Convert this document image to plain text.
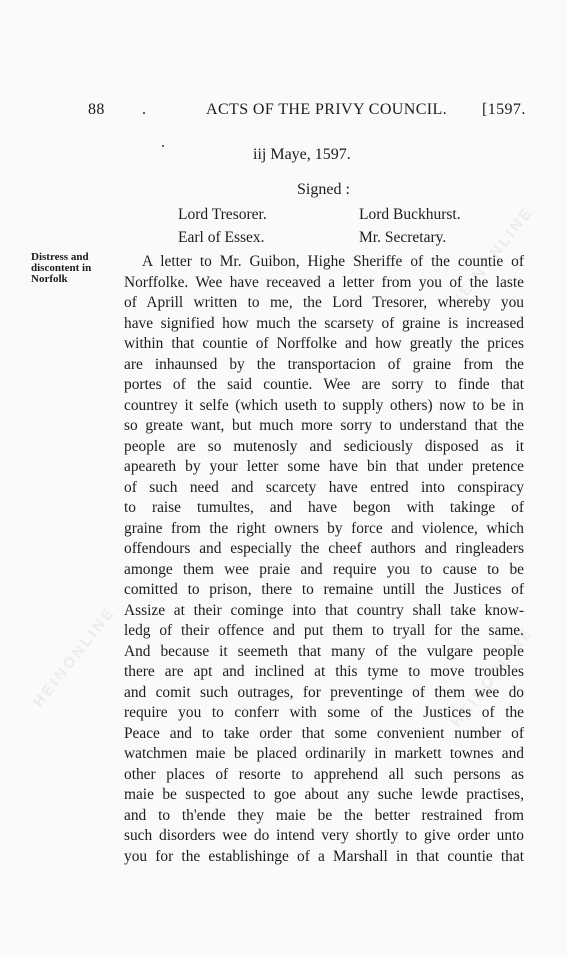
HEINONLINE
HEINONLINE	HEINONLINE
88 .	ACTS OF THE PRIVY COUNCIL. [1597.
iij Maye, 1597.
Signed :
Lord Tresorer.	Lord Buckhurst.
Earl of Essex.	Mr. Secretary.
Distress and
discontent in
Norfolk
A letter to Mr. Guibon, Highe Sheriffe of the countie of
Norffolke. Wee have receaved a letter from you of the laste
of Aprill written to me, the Lord Tresorer, whereby you
have signified how much the scarsety of graine is increased
within that countie of Norffolke and how greatly the prices
are inhaunsed by the transportacion of graine from the
portes of the said countie. Wee are sorry to finde that
countrey it selfe (which useth to supply others) now to be in
so greate want, but much more sorry to understand that the
people are so mutenosly and sediciously disposed as it
apeareth by your letter some have bin that under pretence
of such need and scarcety have entred into conspiracy
to raise tumultes, and have begon with takinge of
graine from the right owners by force and violence, which
offendours and especially the cheef authors and ringleaders
amonge them wee praie and require you to cause to be
comitted to prison, there to remaine untill the Justices of
Assize at their cominge into that country shall take know-
ledg of their offence and put them to tryall for the same.
And because it seemeth that many of the vulgare people
there are apt and inclined at this tyme to move troubles
and comit such outrages, for preventinge of them wee do
require you to conferr with some of the Justices of the
Peace and to take order that some convenient number of
watchmen maie be placed ordinarily in markett townes and
other places of resorte to apprehend all such persons as
maie be suspected to goe about any suche lewde practises,
and to th'ende they maie be the better restrained from
such disorders wee do intend very shortly to give order unto
you for the establishinge of a Marshall in that countie that
